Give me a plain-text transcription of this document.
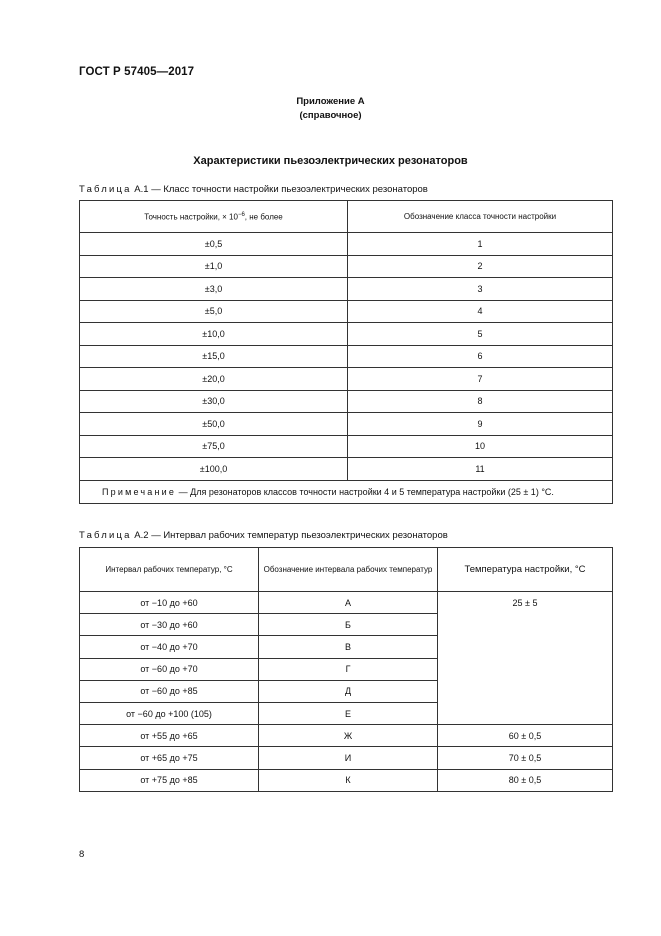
ГОСТ Р 57405—2017
Приложение А
(справочное)
Характеристики пьезоэлектрических резонаторов
Таблица А.1 — Класс точности настройки пьезоэлектрических резонаторов
Точность настройки, × $10^{-6}$, не более	Обозначение класса точности настройки
±0,5	1
±1,0	2
±3,0	3
±5,0	4
±10,0	5
±15,0	6
±20,0	7
±30,0	8
±50,0	9
±75,0	10
±100,0	11
Примечание — Для резонаторов классов точности настройки 4 и 5 температура настройки (25 ± 1) °С.	
Таблица А.2 — Интервал рабочих температур пьезоэлектрических резонаторов
Интервал рабочих температур, °С	Обозначение интервала рабочих температур	Температура настройки, °С
от −10 до +60	А	25 ± 5
от −30 до +60	Б	
от −40 до +70	В	
от −60 до +70	Г	
от −60 до +85	Д	
от −60 до +100 (105)	Е	
от +55 до +65	Ж	60 ± 0,5
от +65 до +75	И	70 ± 0,5
от +75 до +85	К	80 ± 0,5
8
